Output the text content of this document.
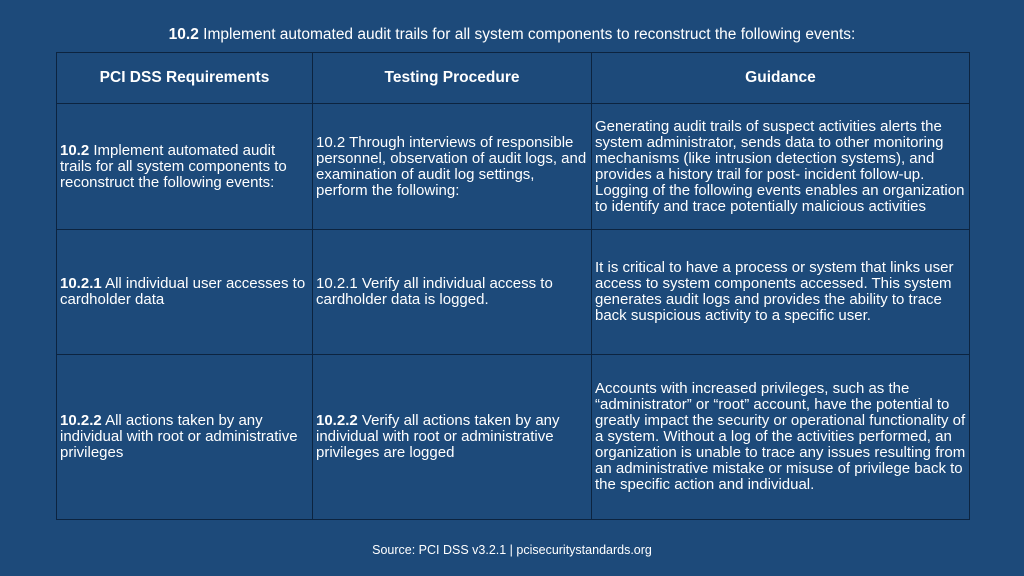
10.2 Implement automated audit trails for all system components to reconstruct the following events:
PCI DSS Requirements	Testing Procedure	Guidance
10.2 Implement automated audit trails for all system components to reconstruct the following events:	10.2 Through interviews of responsible personnel, observation of audit logs, and examination of audit log settings, perform the following:	Generating audit trails of suspect activities alerts the system administrator, sends data to other monitoring mechanisms (like intrusion detection systems), and provides a history trail for post- incident follow-up. Logging of the following events enables an organization to identify and trace potentially malicious activities
10.2.1 All individual user accesses to cardholder data	10.2.1 Verify all individual access to cardholder data is logged.	It is critical to have a process or system that links user access to system components accessed. This system generates audit logs and provides the ability to trace back suspicious activity to a specific user.
10.2.2 All actions taken by any individual with root or administrative privileges	10.2.2 Verify all actions taken by any individual with root or administrative privileges are logged	Accounts with increased privileges, such as the “administrator” or “root” account, have the potential to greatly impact the security or operational functionality of a system. Without a log of the activities performed, an organization is unable to trace any issues resulting from an administrative mistake or misuse of privilege back to the specific action and individual.
Source: PCI DSS v3.2.1 | pcisecuritystandards.org
